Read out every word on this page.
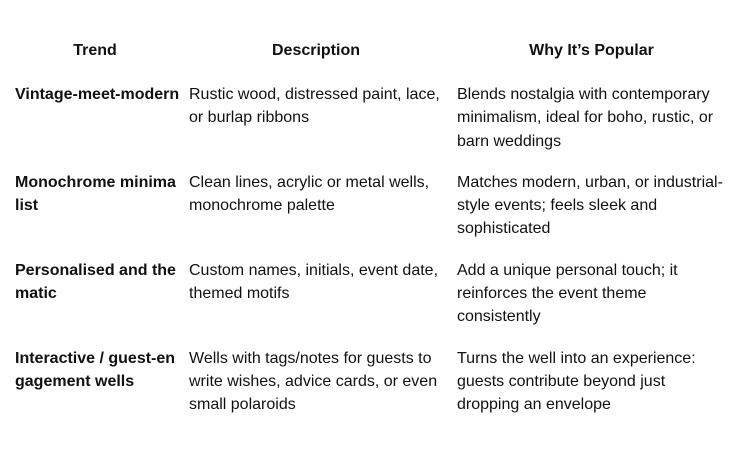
Trend	Description	Why It’s Popular
Vintage-meet-modern	Rustic wood, distressed paint, lace, or burlap ribbons	Blends nostalgia with contemporary minimalism, ideal for boho, rustic, or barn weddings
Monochrome minimalist	Clean lines, acrylic or metal wells, monochrome palette	Matches modern, urban, or industrial-style events; feels sleek and sophisticated
Personalised and thematic	Custom names, initials, event date, themed motifs	Add a unique personal touch; it reinforces the event theme consistently
Interactive / guest-engagement wells	Wells with tags/notes for guests to write wishes, advice cards, or even small polaroids	Turns the well into an experience: guests contribute beyond just dropping an envelope
